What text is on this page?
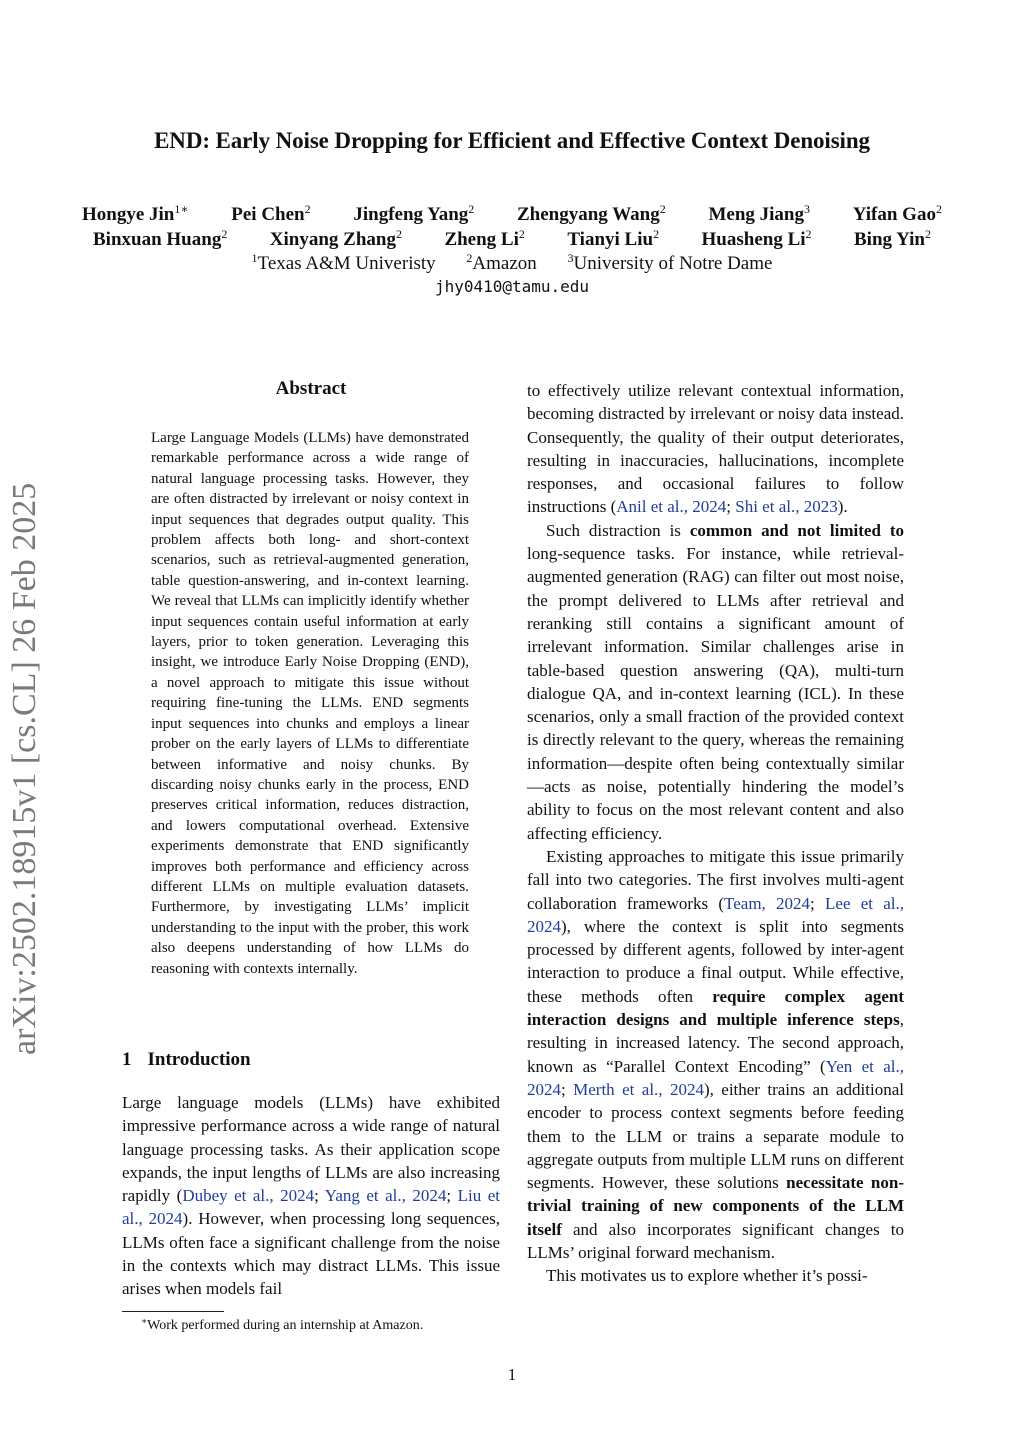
END: Early Noise Dropping for Efficient and Effective Context Denoising
Hongye Jin$^{1∗}$ Pei Chen$^2$ Jingfeng Yang$^2$ Zhengyang Wang$^2$ Meng Jiang$^3$ Yifan Gao$^2$
Binxuan Huang$^2$ Xinyang Zhang$^2$ Zheng Li$^2$ Tianyi Liu$^2$ Huasheng Li$^2$ Bing Yin$^2$
$^1$Texas A&M Univeristy	$^2$Amazon	$^3$University of Notre Dame
jhy0410@tamu.edu
arXiv:2502.18915v1 [cs.CL] 26 Feb 2025
Abstract
Large Language Models (LLMs) have demonstrated remarkable performance across a wide range of natural language processing tasks. However, they are often distracted by irrelevant or noisy context in input sequences that degrades output quality. This problem affects both long- and short-context scenarios, such as retrieval-augmented generation, table question-answering, and in-context learning. We reveal that LLMs can implicitly identify whether input sequences contain useful information at early layers, prior to token generation. Leveraging this insight, we introduce Early Noise Dropping (END), a novel approach to mitigate this issue without requiring fine-tuning the LLMs. END segments input sequences into chunks and employs a linear prober on the early layers of LLMs to differentiate between informative and noisy chunks. By discarding noisy chunks early in the process, END preserves critical information, reduces distraction, and lowers computational overhead. Extensive experiments demonstrate that END significantly improves both performance and efficiency across different LLMs on multiple evaluation datasets. Furthermore, by investigating LLMs’ implicit understanding to the input with the prober, this work also deepens understanding of how LLMs do reasoning with contexts internally.
1 Introduction
Large language models (LLMs) have exhibited impressive performance across a wide range of natural language processing tasks. As their application scope expands, the input lengths of LLMs are also increasing rapidly (Dubey et al., 2024; Yang et al., 2024; Liu et al., 2024). However, when processing long sequences, LLMs often face a significant challenge from the noise in the contexts which may distract LLMs. This issue arises when models fail

to effectively utilize relevant contextual information, becoming distracted by irrelevant or noisy data instead. Consequently, the quality of their output deteriorates, resulting in inaccuracies, hallucinations, incomplete responses, and occasional failures to follow instructions (Anil et al., 2024; Shi et al., 2023).

Such distraction is common and not limited to long-sequence tasks. For instance, while retrieval-augmented generation (RAG) can filter out most noise, the prompt delivered to LLMs after retrieval and reranking still contains a significant amount of irrelevant information. Similar challenges arise in table-based question answering (QA), multi-turn dialogue QA, and in-context learning (ICL). In these scenarios, only a small fraction of the provided context is directly relevant to the query, whereas the remaining information—despite often being contextually similar—acts as noise, potentially hindering the model’s ability to focus on the most relevant content and also affecting efficiency.

Existing approaches to mitigate this issue primarily fall into two categories. The first involves multi-agent collaboration frameworks (Team, 2024; Lee et al., 2024), where the context is split into segments processed by different agents, followed by inter-agent interaction to produce a final output. While effective, these methods often require complex agent interaction designs and multiple inference steps, resulting in increased latency. The second approach, known as “Parallel Context Encoding” (Yen et al., 2024; Merth et al., 2024), either trains an additional encoder to process context segments before feeding them to the LLM or trains a separate module to aggregate outputs from multiple LLM runs on different segments. However, these solutions necessitate non-trivial training of new components of the LLM itself and also incorporates significant changes to LLMs’ original forward mechanism.

This motivates us to explore whether it’s possi-

∗Work performed during an internship at Amazon.
1
